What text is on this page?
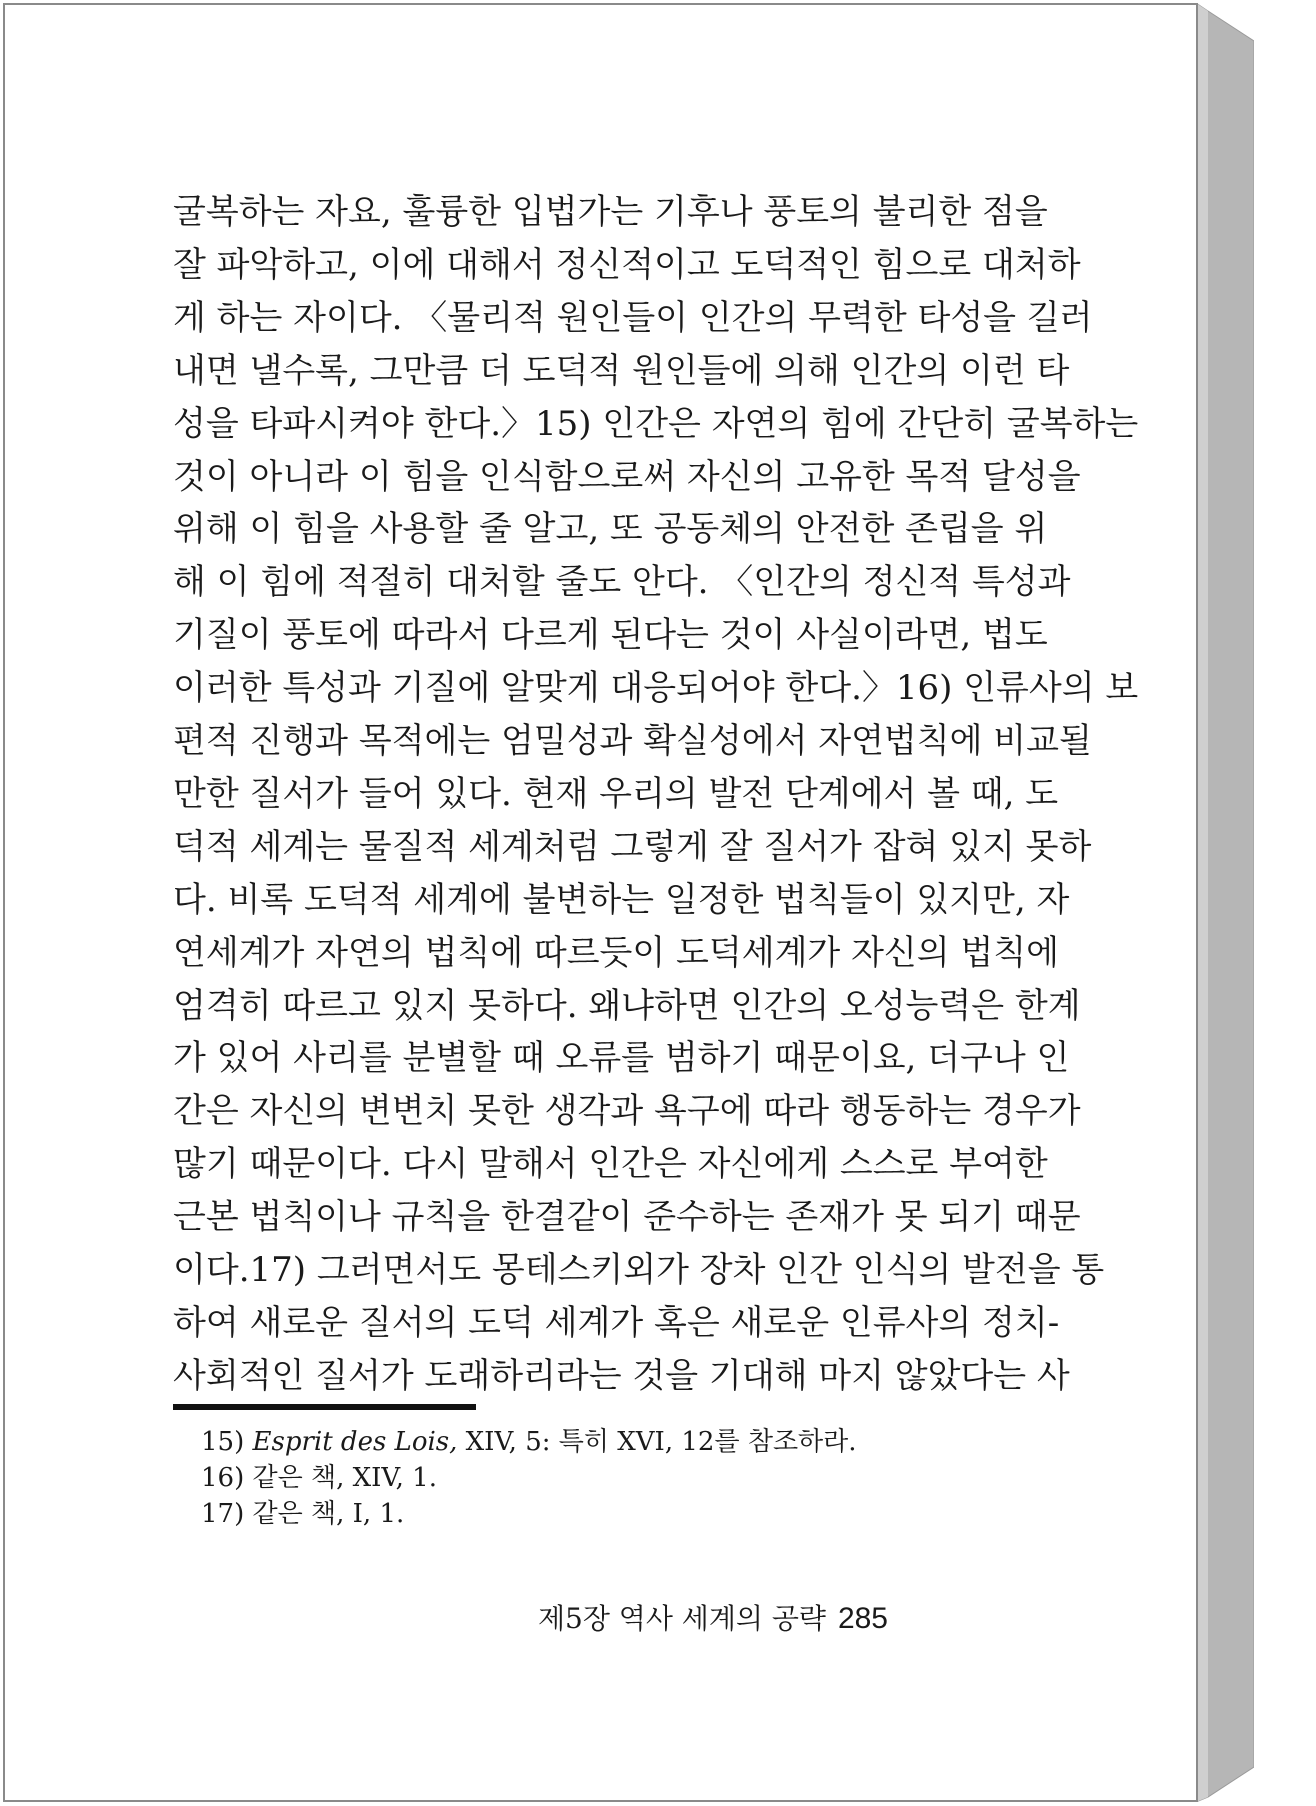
굴복하는 자요, 훌륭한 입법가는 기후나 풍토의 불리한 점을
잘 파악하고, 이에 대해서 정신적이고 도덕적인 힘으로 대처하
게 하는 자이다. 〈물리적 원인들이 인간의 무력한 타성을 길러
내면 낼수록, 그만큼 더 도덕적 원인들에 의해 인간의 이런 타
성을 타파시켜야 한다.〉15) 인간은 자연의 힘에 간단히 굴복하는
것이 아니라 이 힘을 인식함으로써 자신의 고유한 목적 달성을
위해 이 힘을 사용할 줄 알고, 또 공동체의 안전한 존립을 위
해 이 힘에 적절히 대처할 줄도 안다. 〈인간의 정신적 특성과
기질이 풍토에 따라서 다르게 된다는 것이 사실이라면, 법도
이러한 특성과 기질에 알맞게 대응되어야 한다.〉16) 인류사의 보
편적 진행과 목적에는 엄밀성과 확실성에서 자연법칙에 비교될
만한 질서가 들어 있다. 현재 우리의 발전 단계에서 볼 때, 도
덕적 세계는 물질적 세계처럼 그렇게 잘 질서가 잡혀 있지 못하
다. 비록 도덕적 세계에 불변하는 일정한 법칙들이 있지만, 자
연세계가 자연의 법칙에 따르듯이 도덕세계가 자신의 법칙에
엄격히 따르고 있지 못하다. 왜냐하면 인간의 오성능력은 한계
가 있어 사리를 분별할 때 오류를 범하기 때문이요, 더구나 인
간은 자신의 변변치 못한 생각과 욕구에 따라 행동하는 경우가
많기 때문이다. 다시 말해서 인간은 자신에게 스스로 부여한
근본 법칙이나 규칙을 한결같이 준수하는 존재가 못 되기 때문
이다.17) 그러면서도 몽테스키외가 장차 인간 인식의 발전을 통
하여 새로운 질서의 도덕 세계가 혹은 새로운 인류사의 정치-
사회적인 질서가 도래하리라는 것을 기대해 마지 않았다는 사
15) Esprit des Lois, XIV, 5: 특히 XVI, 12를 참조하라.
16) 같은 책, XIV, 1.
17) 같은 책, I, 1.
제5장 역사 세계의 공략 285
